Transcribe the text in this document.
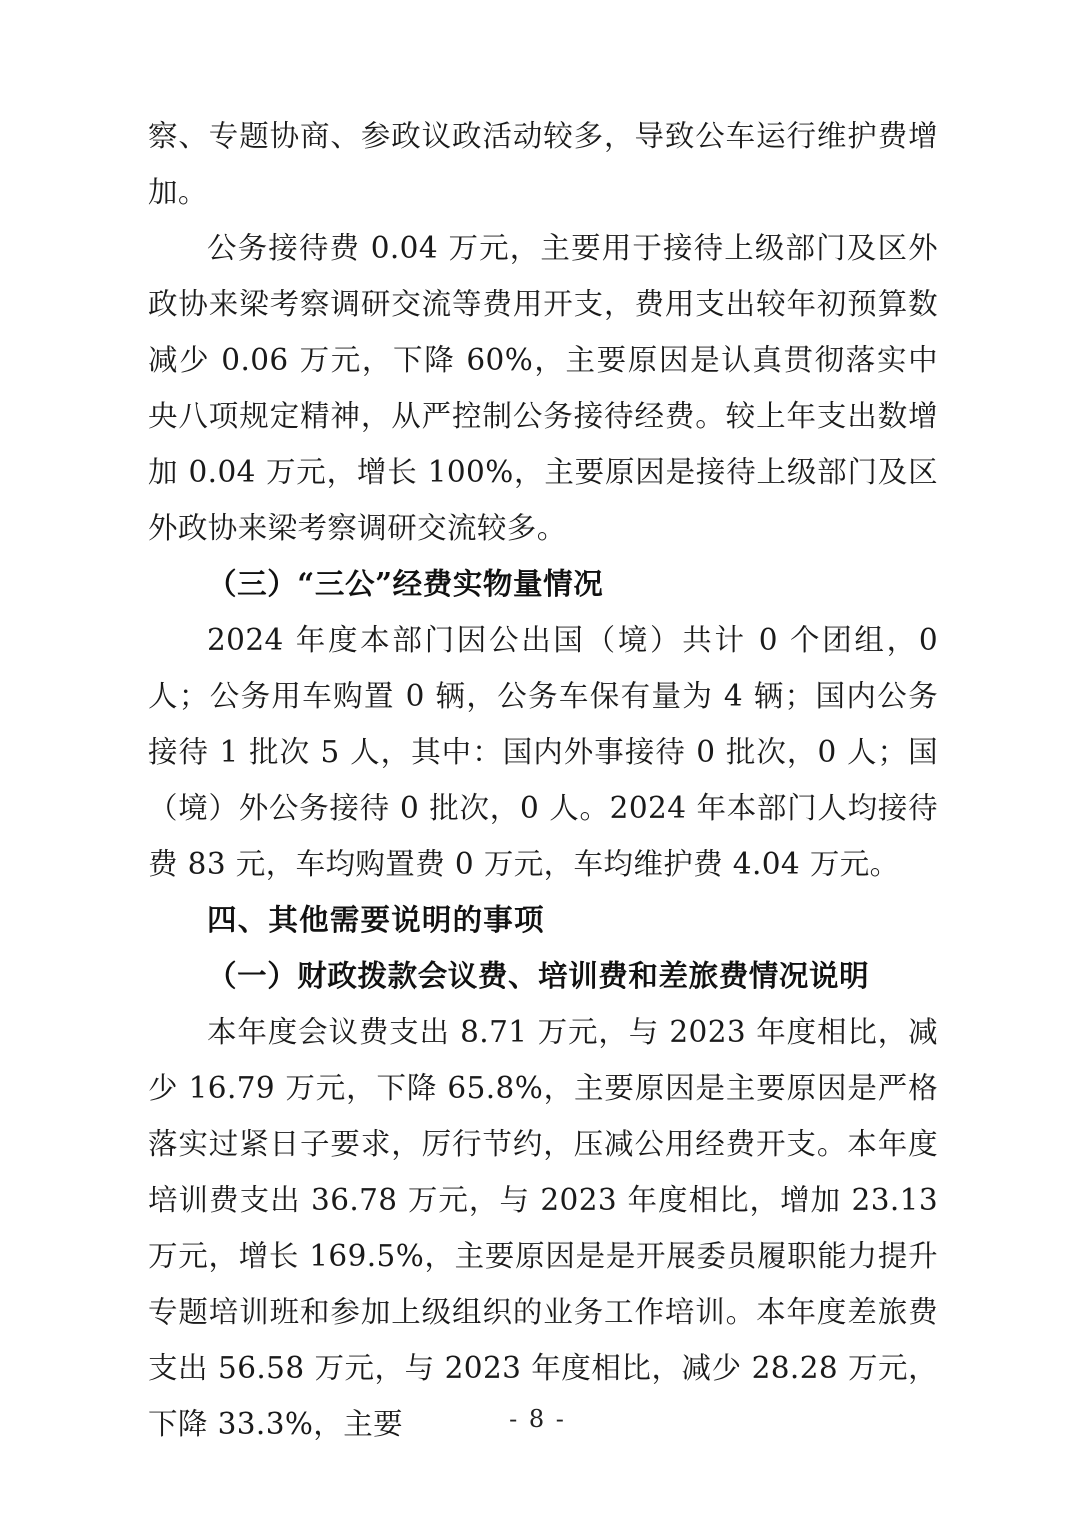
察、专题协商、参政议政活动较多，导致公车运行维护费增加。

公务接待费 0.04 万元，主要用于接待上级部门及区外政协来梁考察调研交流等费用开支，费用支出较年初预算数减少 0.06 万元，下降 60%，主要原因是认真贯彻落实中央八项规定精神，从严控制公务接待经费。较上年支出数增加 0.04 万元，增长 100%，主要原因是接待上级部门及区外政协来梁考察调研交流较多。

（三）“三公”经费实物量情况

2024 年度本部门因公出国（境）共计 0 个团组，0 人；公务用车购置 0 辆，公务车保有量为 4 辆；国内公务接待 1 批次 5 人，其中：国内外事接待 0 批次，0 人；国（境）外公务接待 0 批次，0 人。2024 年本部门人均接待费 83 元，车均购置费 0 万元，车均维护费 4.04 万元。

四、其他需要说明的事项

（一）财政拨款会议费、培训费和差旅费情况说明

本年度会议费支出 8.71 万元，与 2023 年度相比，减少 16.79 万元，下降 65.8%，主要原因是主要原因是严格落实过紧日子要求，厉行节约，压减公用经费开支。本年度培训费支出 36.78 万元，与 2023 年度相比，增加 23.13 万元，增长 169.5%，主要原因是是开展委员履职能力提升专题培训班和参加上级组织的业务工作培训。本年度差旅费支出 56.58 万元，与 2023 年度相比，减少 28.28 万元，下降 33.3%，主要	- 8 -
